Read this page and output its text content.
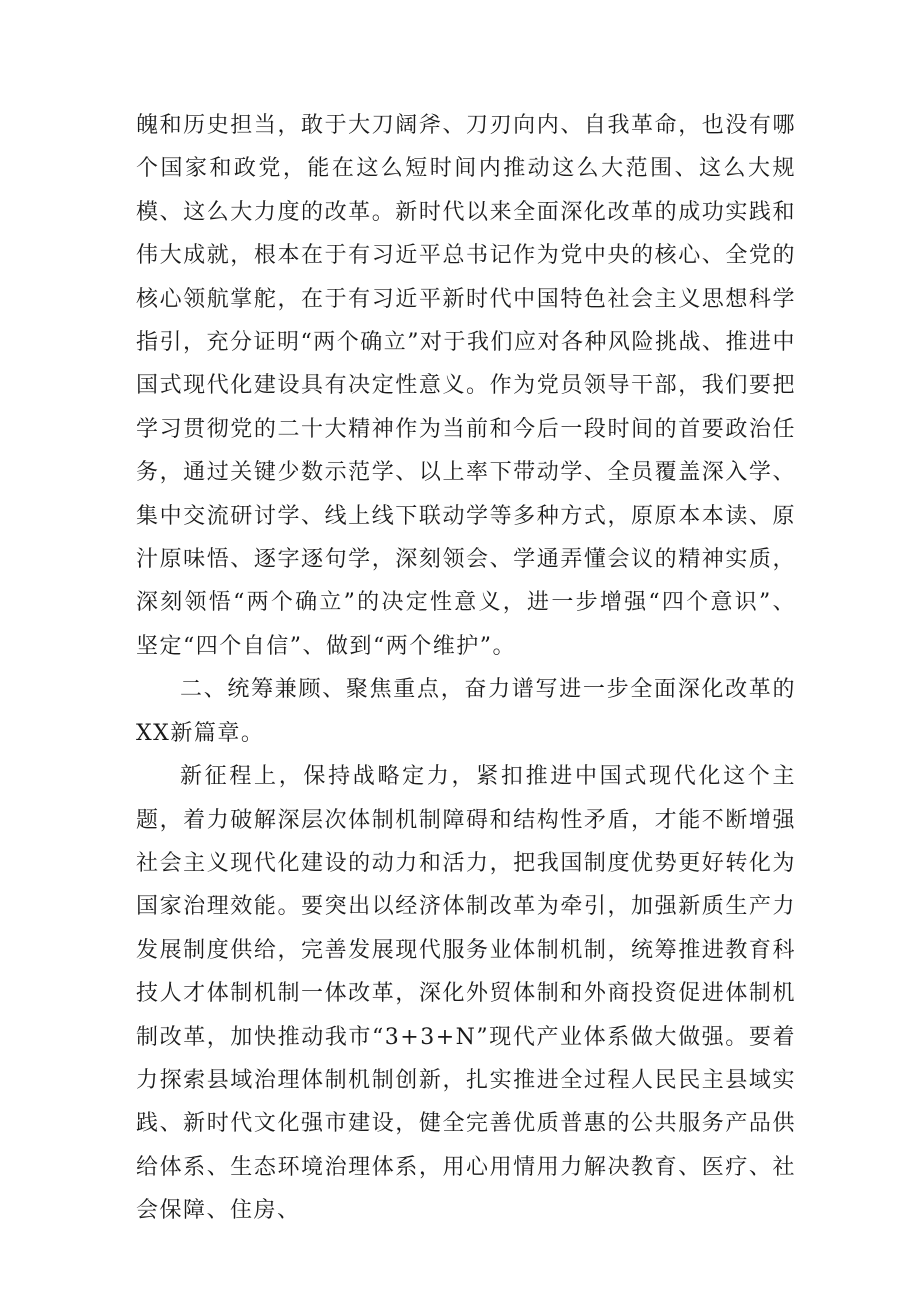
魄和历史担当，敢于大刀阔斧、刀刃向内、自我革命，也没有哪个国家和政党，能在这么短时间内推动这么大范围、这么大规模、这么大力度的改革。新时代以来全面深化改革的成功实践和伟大成就，根本在于有习近平总书记作为党中央的核心、全党的核心领航掌舵，在于有习近平新时代中国特色社会主义思想科学指引，充分证明“两个确立”对于我们应对各种风险挑战、推进中国式现代化建设具有决定性意义。作为党员领导干部，我们要把学习贯彻党的二十大精神作为当前和今后一段时间的首要政治任务，通过关键少数示范学、以上率下带动学、全员覆盖深入学、集中交流研讨学、线上线下联动学等多种方式，原原本本读、原汁原味悟、逐字逐句学，深刻领会、学通弄懂会议的精神实质，深刻领悟“两个确立”的决定性意义，进一步增强“四个意识”、坚定“四个自信”、做到“两个维护”。

二、统筹兼顾、聚焦重点，奋力谱写进一步全面深化改革的XX新篇章。

新征程上，保持战略定力，紧扣推进中国式现代化这个主题，着力破解深层次体制机制障碍和结构性矛盾，才能不断增强社会主义现代化建设的动力和活力，把我国制度优势更好转化为国家治理效能。要突出以经济体制改革为牵引，加强新质生产力发展制度供给，完善发展现代服务业体制机制，统筹推进教育科技人才体制机制一体改革，深化外贸体制和外商投资促进体制机制改革，加快推动我市“3+3+N”现代产业体系做大做强。要着力探索县域治理体制机制创新，扎实推进全过程人民民主县域实践、新时代文化强市建设，健全完善优质普惠的公共服务产品供给体系、生态环境治理体系，用心用情用力解决教育、医疗、社会保障、住房、
